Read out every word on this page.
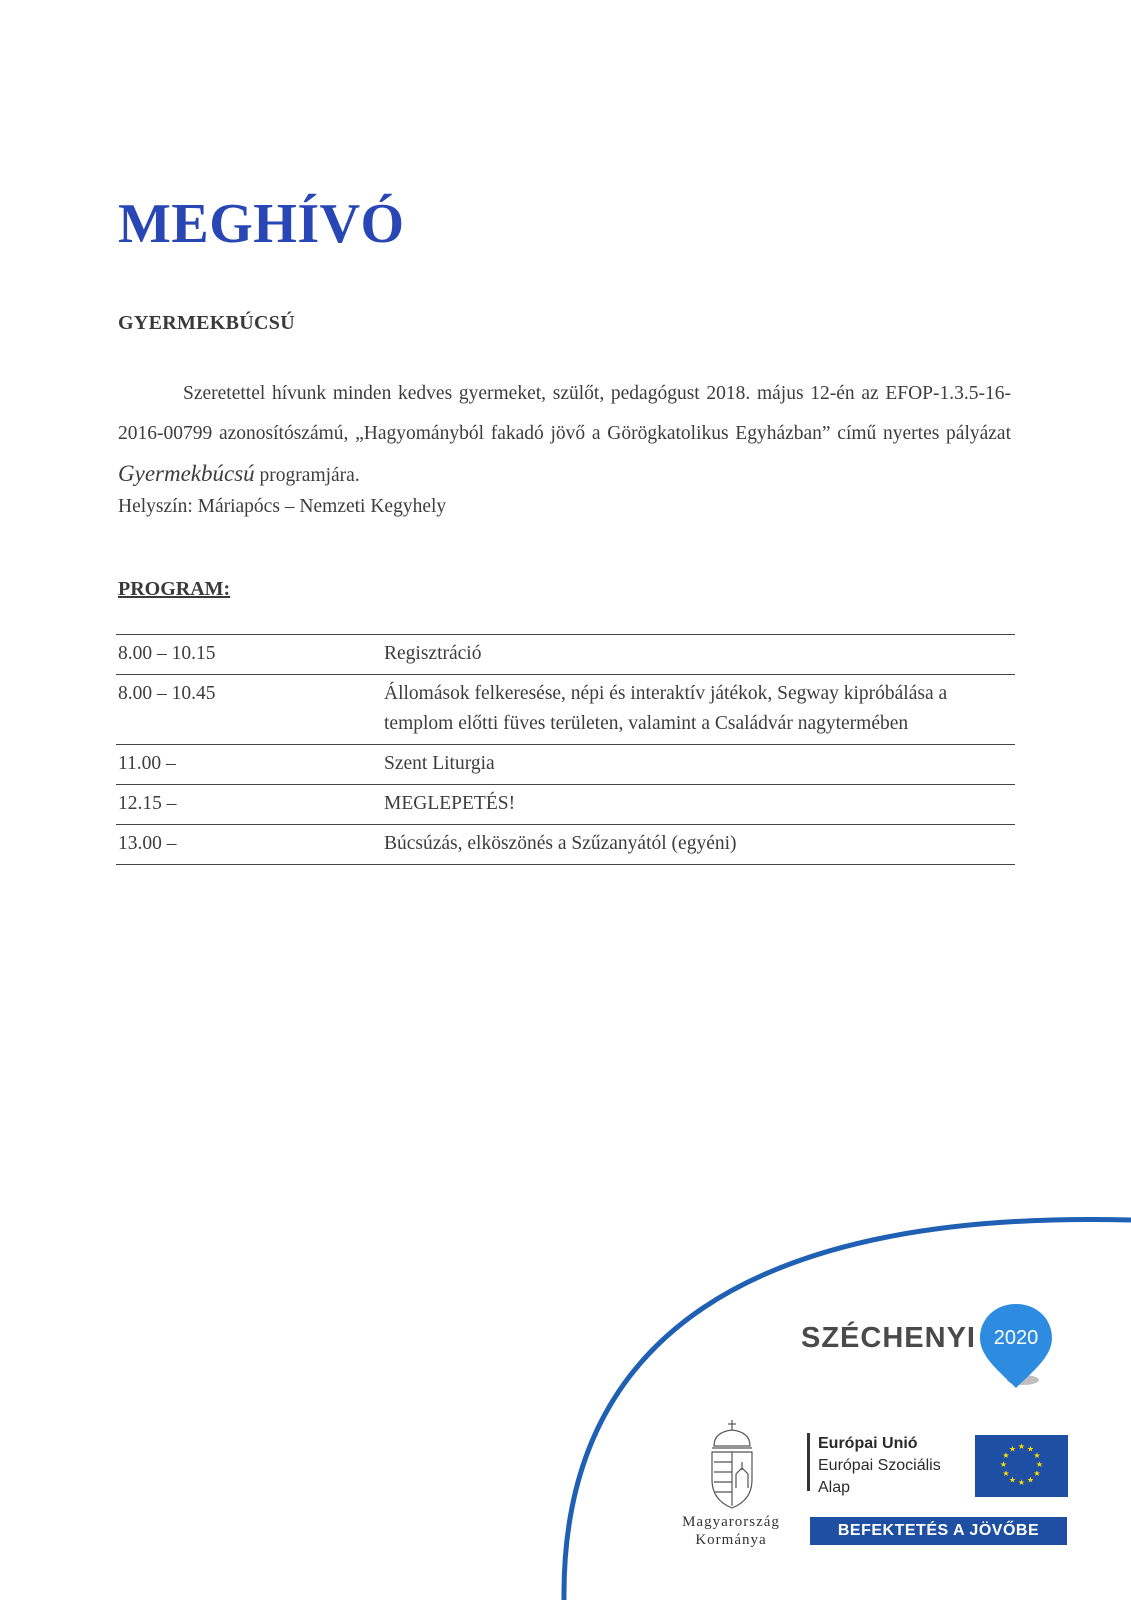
MEGHÍVÓ
GYERMEKBÚCSÚ

Szeretettel hívunk minden kedves gyermeket, szülőt, pedagógust 2018. május 12-én az EFOP-1.3.5-16-2016-00799 azonosítószámú, „Hagyományból fakadó jövő a Görögkatolikus Egyházban” című nyertes pályázat Gyermekbúcsú programjára.

Helyszín: Máriapócs – Nemzeti Kegyhely

PROGRAM:
8.00 – 10.15	Regisztráció
8.00 – 10.45	Állomások felkeresése, népi és interaktív játékok, Segway kipróbálása a templom előtti füves területen, valamint a Családvár nagytermében
11.00 –	Szent Liturgia
12.15 –	MEGLEPETÉS!
13.00 –	Búcsúzás, elköszönés a Szűzanyától (egyéni)

SZÉCHENYI 2020

Magyarország
Kormánya

Európai Unió
Európai Szociális
Alap

★ ★
★
★
★
★
★
★
★
★
★
★

BEFEKTETÉS A JÖVŐBE
